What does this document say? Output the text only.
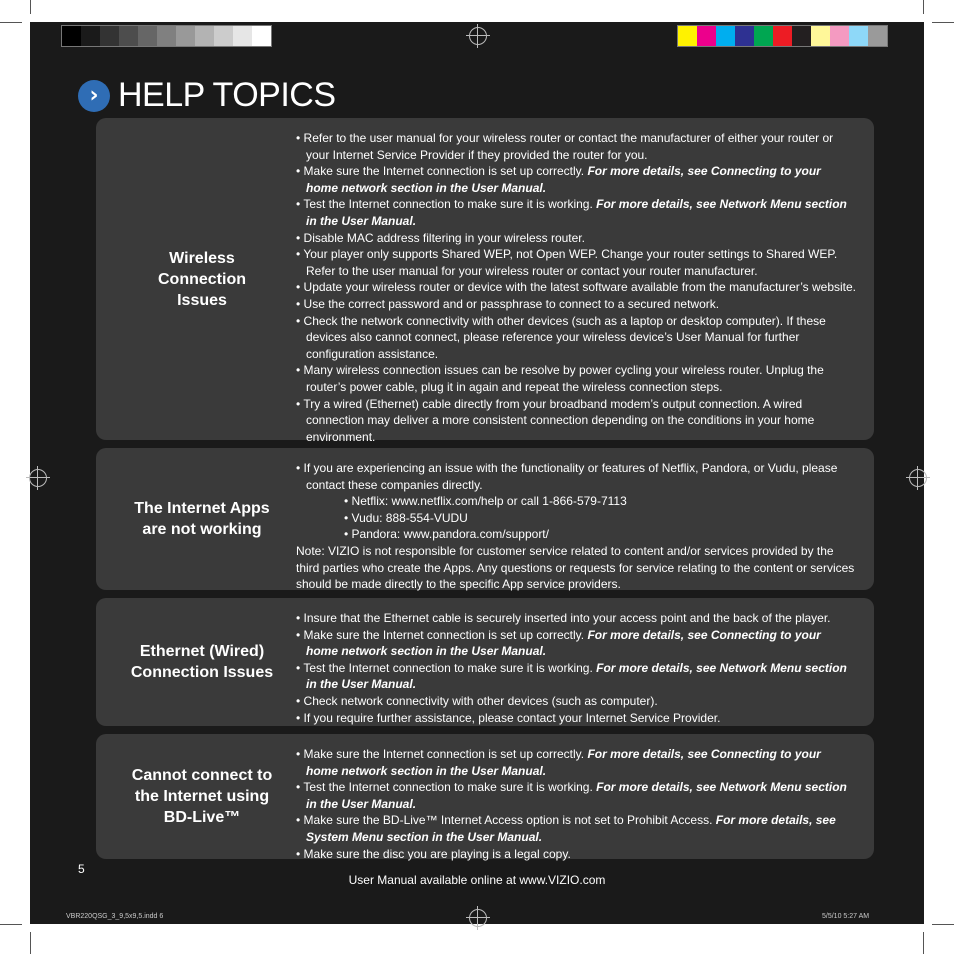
› HELP TOPICS
Wireless
Connection
Issues

• Refer to the user manual for your wireless router or contact the manufacturer of either your router or your Internet Service Provider if they provided the router for you.

• Make sure the Internet connection is set up correctly. For more details, see Connecting to your home network section in the User Manual.

• Test the Internet connection to make sure it is working. For more details, see Network Menu section in the User Manual.

• Disable MAC address filtering in your wireless router.

• Your player only supports Shared WEP, not Open WEP. Change your router settings to Shared WEP. Refer to the user manual for your wireless router or contact your router manufacturer.

• Update your wireless router or device with the latest software available from the manufacturer’s website.

• Use the correct password and or passphrase to connect to a secured network.

• Check the network connectivity with other devices (such as a laptop or desktop computer). If these devices also cannot connect, please reference your wireless device’s User Manual for further configuration assistance.

• Many wireless connection issues can be resolve by power cycling your wireless router. Unplug the router’s power cable, plug it in again and repeat the wireless connection steps.

• Try a wired (Ethernet) cable directly from your broadband modem’s output connection. A wired connection may deliver a more consistent connection depending on the conditions in your home environment.

The Internet Apps
are not working

• If you are experiencing an issue with the functionality or features of Netflix, Pandora, or Vudu, please contact these companies directly.

• Netflix: www.netflix.com/help or call 1-866-579-7113

• Vudu: 888-554-VUDU

• Pandora: www.pandora.com/support/

Note: VIZIO is not responsible for customer service related to content and/or services provided by the third parties who create the Apps. Any questions or requests for service relating to the content or services should be made directly to the specific App service providers.

Ethernet (Wired)
Connection Issues

• Insure that the Ethernet cable is securely inserted into your access point and the back of the player.

• Make sure the Internet connection is set up correctly. For more details, see Connecting to your home network section in the User Manual.

• Test the Internet connection to make sure it is working. For more details, see Network Menu section in the User Manual.

• Check network connectivity with other devices (such as computer).

• If you require further assistance, please contact your Internet Service Provider.

Cannot connect to
the Internet using
BD-Live™

• Make sure the Internet connection is set up correctly. For more details, see Connecting to your home network section in the User Manual.

• Test the Internet connection to make sure it is working. For more details, see Network Menu section in the User Manual.

• Make sure the BD-Live™ Internet Access option is not set to Prohibit Access. For more details, see System Menu section in the User Manual.

• Make sure the disc you are playing is a legal copy.

5
User Manual available online at www.VIZIO.com
VBR220QSG_3_9,5x9,5.indd 6	5/5/10 5:27 AM
